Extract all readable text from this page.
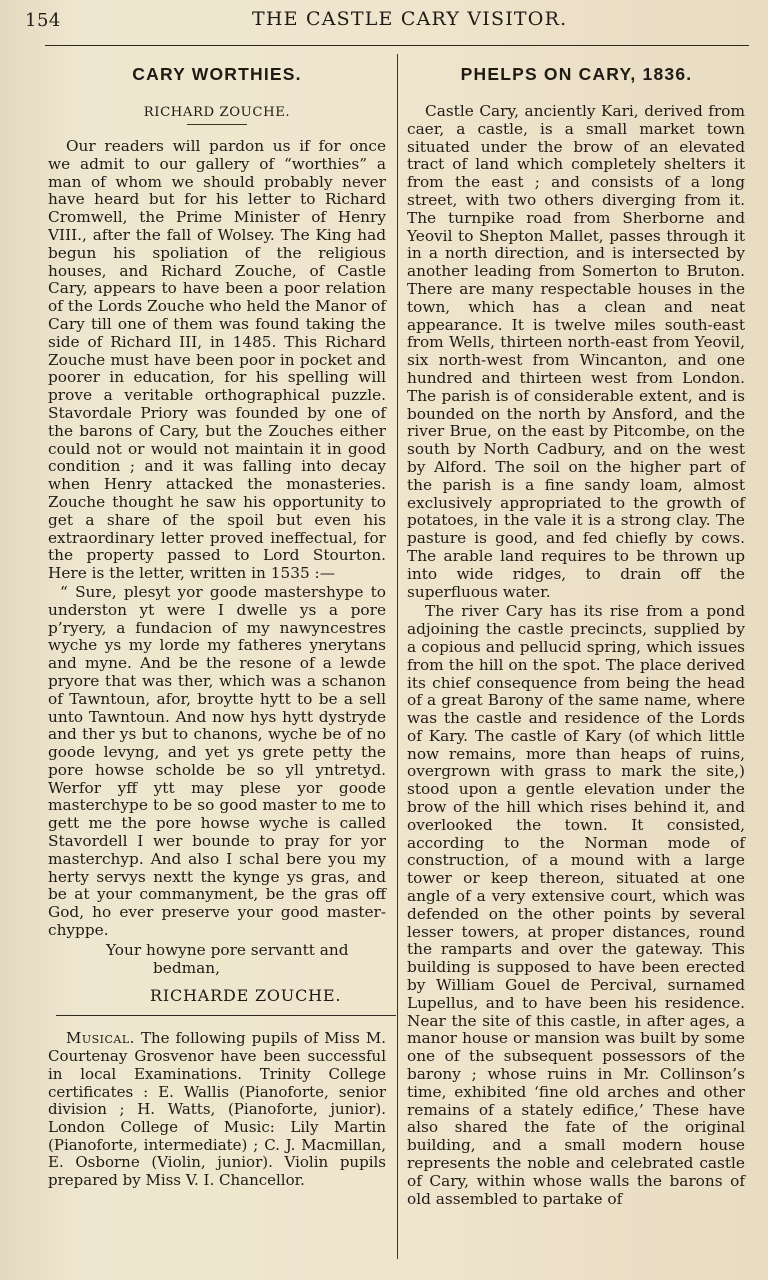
154	THE CASTLE CARY VISITOR.
CARY WORTHIES.
RICHARD ZOUCHE.

Our readers will pardon us if for once we admit to our gallery of “worthies” a man of whom we should probably never have heard but for his letter to Richard Cromwell, the Prime Minister of Henry VIII., after the fall of Wolsey. The King had begun his spoliation of the religious houses, and Richard Zouche, of Castle Cary, appears to have been a poor relation of the Lords Zouche who held the Manor of Cary till one of them was found taking the side of Richard III, in 1485. This Richard Zouche must have been poor in pocket and poorer in education, for his spelling will prove a veritable orthographical puzzle. Stavordale Priory was founded by one of the barons of Cary, but the Zouches either could not or would not maintain it in good condition ; and it was falling into decay when Henry attacked the monasteries. Zouche thought he saw his opportunity to get a share of the spoil but even his extraordinary letter proved ineffectual, for the property passed to Lord Stourton. Here is the letter, written in 1535 :—

“ Sure, plesyt yor goode mastershype to underston yt were I dwelle ys a pore p’ryery, a fundacion of my nawyncestres wyche ys my lorde my fatheres ynerytans and myne. And be the resone of a lewde pryore that was ther, which was a schanon of Tawntoun, afor, broytte hytt to be a sell unto Tawntoun. And now hys hytt dystryde and ther ys but to chanons, wyche be of no goode levyng, and yet ys grete petty the pore howse scholde be so yll yntretyd. Werfor yff ytt may plese yor goode masterchype to be so good master to me to gett me the pore howse wyche is called Stavordell I wer bounde to pray for yor masterchyp. And also I schal bere you my herty servys nextt the kynge ys gras, and be at your commanyment, be the gras off God, ho ever preserve your good master-chyppe.

Your howyne pore servantt and
bedman,
RICHARDE ZOUCHE.

Musical. The following pupils of Miss M. Courtenay Grosvenor have been successful in local Examinations. Trinity College certificates : E. Wallis (Pianoforte, senior division ; H. Watts, (Pianoforte, junior). London College of Music: Lily Martin (Pianoforte, intermediate) ; C. J. Macmillan, E. Osborne (Violin, junior). Violin pupils prepared by Miss V. I. Chancellor.

PHELPS ON CARY, 1836.

Castle Cary, anciently Kari, derived from caer, a castle, is a small market town situated under the brow of an elevated tract of land which completely shelters it from the east ; and consists of a long street, with two others diverging from it. The turnpike road from Sherborne and Yeovil to Shepton Mallet, passes through it in a north direction, and is intersected by another leading from Somerton to Bruton. There are many respectable houses in the town, which has a clean and neat appearance. It is twelve miles south-east from Wells, thirteen north-east from Yeovil, six north-west from Wincanton, and one hundred and thirteen west from London. The parish is of considerable extent, and is bounded on the north by Ansford, and the river Brue, on the east by Pitcombe, on the south by North Cadbury, and on the west by Alford. The soil on the higher part of the parish is a fine sandy loam, almost exclusively appropriated to the growth of potatoes, in the vale it is a strong clay. The pasture is good, and fed chiefly by cows. The arable land requires to be thrown up into wide ridges, to drain off the superfluous water.

The river Cary has its rise from a pond adjoining the castle precincts, supplied by a copious and pellucid spring, which issues from the hill on the spot. The place derived its chief consequence from being the head of a great Barony of the same name, where was the castle and residence of the Lords of Kary. The castle of Kary (of which little now remains, more than heaps of ruins, overgrown with grass to mark the site,) stood upon a gentle elevation under the brow of the hill which rises behind it, and overlooked the town. It consisted, according to the Norman mode of construction, of a mound with a large tower or keep thereon, situated at one angle of a very extensive court, which was defended on the other points by several lesser towers, at proper distances, round the ramparts and over the gateway. This building is supposed to have been erected by William Gouel de Percival, surnamed Lupellus, and to have been his residence. Near the site of this castle, in after ages, a manor house or mansion was built by some one of the subsequent possessors of the barony ; whose ruins in Mr. Collinson’s time, exhibited ‘fine old arches and other remains of a stately edifice,’ These have also shared the fate of the original building, and a small modern house represents the noble and celebrated castle of Cary, within whose walls the barons of old assembled to partake of
